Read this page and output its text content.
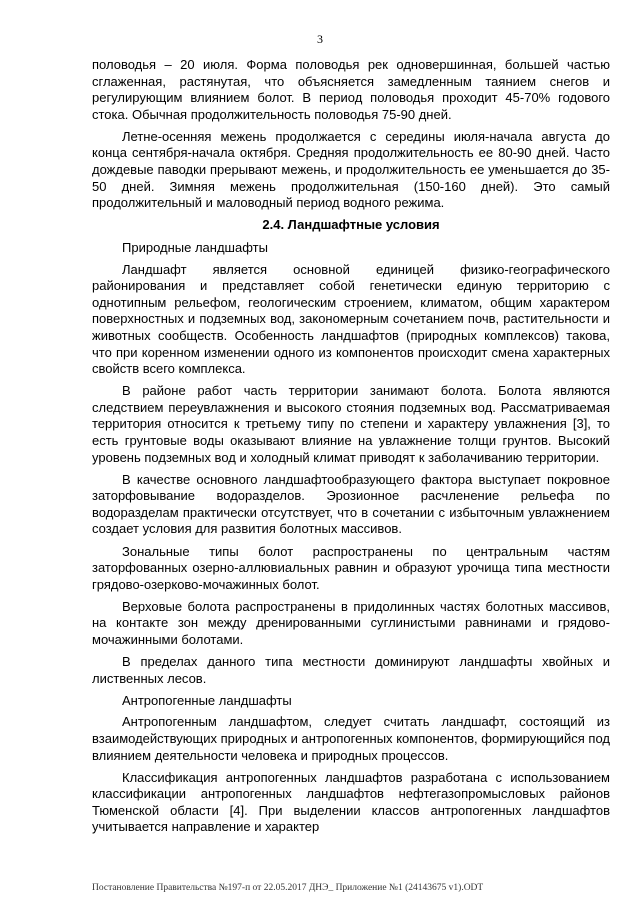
3

половодья – 20 июля. Форма половодья рек одновершинная, большей частью сглаженная, растянутая, что объясняется замедленным таянием снегов и регулирующим влиянием болот. В период половодья проходит 45-70% годового стока. Обычная продолжительность половодья 75-90 дней.

Летне-осенняя межень продолжается с середины июля-начала августа до конца сентября-начала октября. Средняя продолжительность ее 80-90 дней. Часто дождевые паводки прерывают межень, и продолжительность ее уменьшается до 35-50 дней. Зимняя межень продолжительная (150-160 дней). Это самый продолжительный и маловодный период водного режима.

2.4. Ландшафтные условия

Природные ландшафты

Ландшафт является основной единицей физико-географического районирования и представляет собой генетически единую территорию с однотипным рельефом, геологическим строением, климатом, общим характером поверхностных и подземных вод, закономерным сочетанием почв, растительности и животных сообществ. Особенность ландшафтов (природных комплексов) такова, что при коренном изменении одного из компонентов происходит смена характерных свойств всего комплекса.

В районе работ часть территории занимают болота. Болота являются следствием переувлажнения и высокого стояния подземных вод. Рассматриваемая территория относится к третьему типу по степени и характеру увлажнения [3], то есть грунтовые воды оказывают влияние на увлажнение толщи грунтов. Высокий уровень подземных вод и холодный климат приводят к заболачиванию территории.

В качестве основного ландшафтообразующего фактора выступает покровное заторфовывание водоразделов. Эрозионное расчленение рельефа по водоразделам практически отсутствует, что в сочетании с избыточным увлажнением создает условия для развития болотных массивов.

Зональные типы болот распространены по центральным частям заторфованных озерно-аллювиальных равнин и образуют урочища типа местности грядово-озерково-мочажинных болот.

Верховые болота распространены в придолинных частях болотных массивов, на контакте зон между дренированными суглинистыми равнинами и грядово-мочажинными болотами.

В пределах данного типа местности доминируют ландшафты хвойных и лиственных лесов.

Антропогенные ландшафты

Антропогенным ландшафтом, следует считать ландшафт, состоящий из взаимодействующих природных и антропогенных компонентов, формирующийся под влиянием деятельности человека и природных процессов.

Классификация антропогенных ландшафтов разработана с использованием классификации антропогенных ландшафтов нефтегазопромысловых районов Тюменской области [4]. При выделении классов антропогенных ландшафтов учитывается направление и характер

Постановление Правительства №197-п от 22.05.2017 ДНЭ_ Приложение №1 (24143675 v1).ODT
